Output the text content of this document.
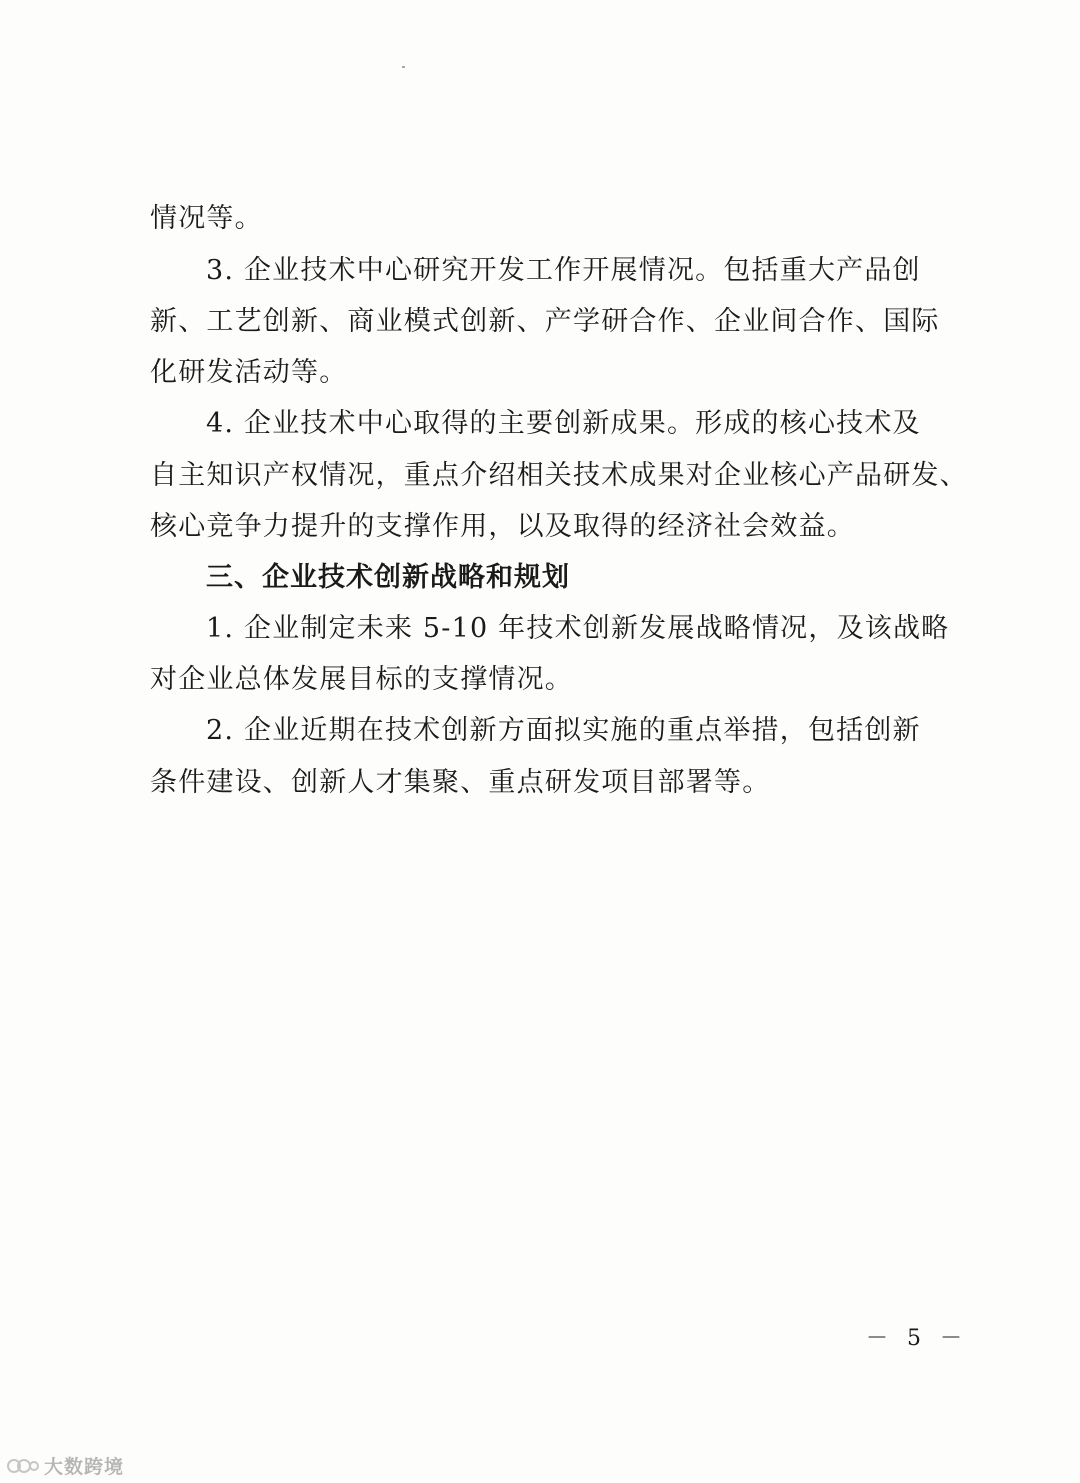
情况等。
3. 企业技术中心研究开发工作开展情况。包括重大产品创
新、工艺创新、商业模式创新、产学研合作、企业间合作、国际
化研发活动等。
4. 企业技术中心取得的主要创新成果。形成的核心技术及
自主知识产权情况，重点介绍相关技术成果对企业核心产品研发、
核心竞争力提升的支撑作用，以及取得的经济社会效益。
三、企业技术创新战略和规划
1. 企业制定未来 5-10 年技术创新发展战略情况，及该战略
对企业总体发展目标的支撑情况。
2. 企业近期在技术创新方面拟实施的重点举措，包括创新
条件建设、创新人才集聚、重点研发项目部署等。
－ 5 －
大数跨境
